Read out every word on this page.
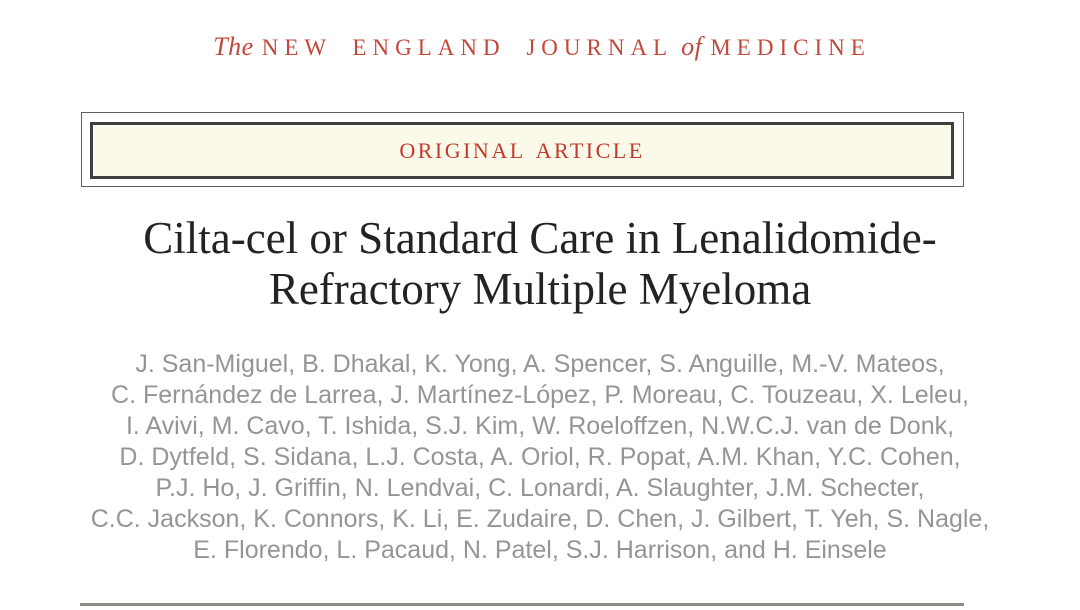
The NEW ENGLAND JOURNAL of MEDICINE
ORIGINAL ARTICLE
Cilta-cel or Standard Care in Lenalidomide-
Refractory Multiple Myeloma
J. San-Miguel, B. Dhakal, K. Yong, A. Spencer, S. Anguille, M.-V. Mateos,
C. Fernández de Larrea, J. Martínez-López, P. Moreau, C. Touzeau, X. Leleu,
I. Avivi, M. Cavo, T. Ishida, S.J. Kim, W. Roeloffzen, N.W.C.J. van de Donk,
D. Dytfeld, S. Sidana, L.J. Costa, A. Oriol, R. Popat, A.M. Khan, Y.C. Cohen,
P.J. Ho, J. Griffin, N. Lendvai, C. Lonardi, A. Slaughter, J.M. Schecter,
C.C. Jackson, K. Connors, K. Li, E. Zudaire, D. Chen, J. Gilbert, T. Yeh, S. Nagle,
E. Florendo, L. Pacaud, N. Patel, S.J. Harrison, and H. Einsele
